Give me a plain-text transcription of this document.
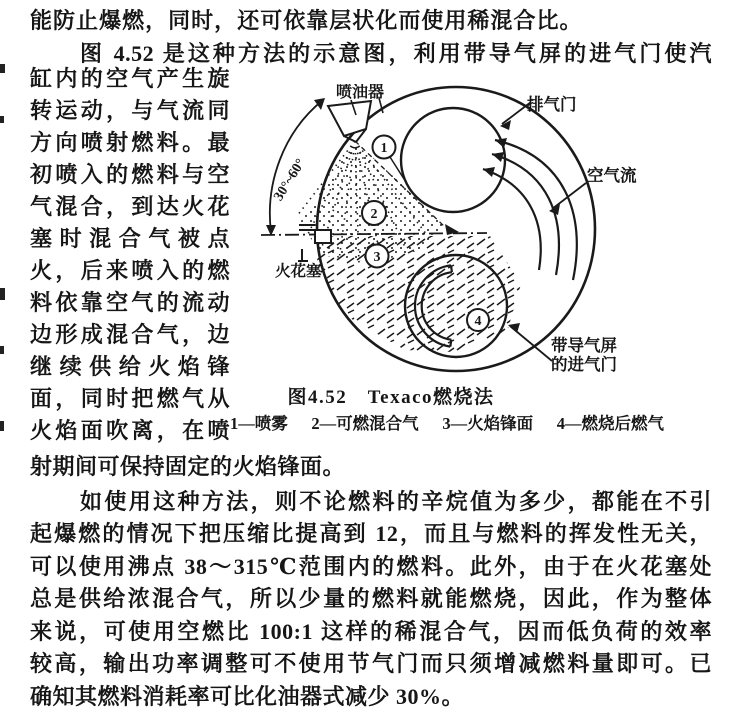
能防止爆燃，同时，还可依靠层状化而使用稀混合比。
图 4.52 是这种方法的示意图，利用带导气屏的进气门使汽
缸内的空气产生旋
转运动，与气流同
方向喷射燃料。最
初喷入的燃料与空
气混合，到达火花
塞时混合气被点
火，后来喷入的燃
料依靠空气的流动
边形成混合气，边
继续供给火焰锋
面，同时把燃气从
火焰面吹离，在喷
射期间可保持固定的火焰锋面。
如使用这种方法，则不论燃料的辛烷值为多少，都能在不引
起爆燃的情况下把压缩比提高到 12，而且与燃料的挥发性无关，
可以使用沸点 38～315℃范围内的燃料。此外，由于在火花塞处
总是供给浓混合气，所以少量的燃料就能燃烧，因此，作为整体
来说，可使用空燃比 100:1 这样的稀混合气，因而低负荷的效率
较高，输出功率调整可不使用节气门而只须增减燃料量即可。已
确知其燃料消耗率可比化油器式减少 30%。
图4.52　Texaco燃烧法
1—喷雾 2—可燃混合气 3—火焰锋面 4—燃烧后燃气
排气门
空气流
带导气屏
的进气门
喷油器
30°~60°
火花塞
1
2
3
4
